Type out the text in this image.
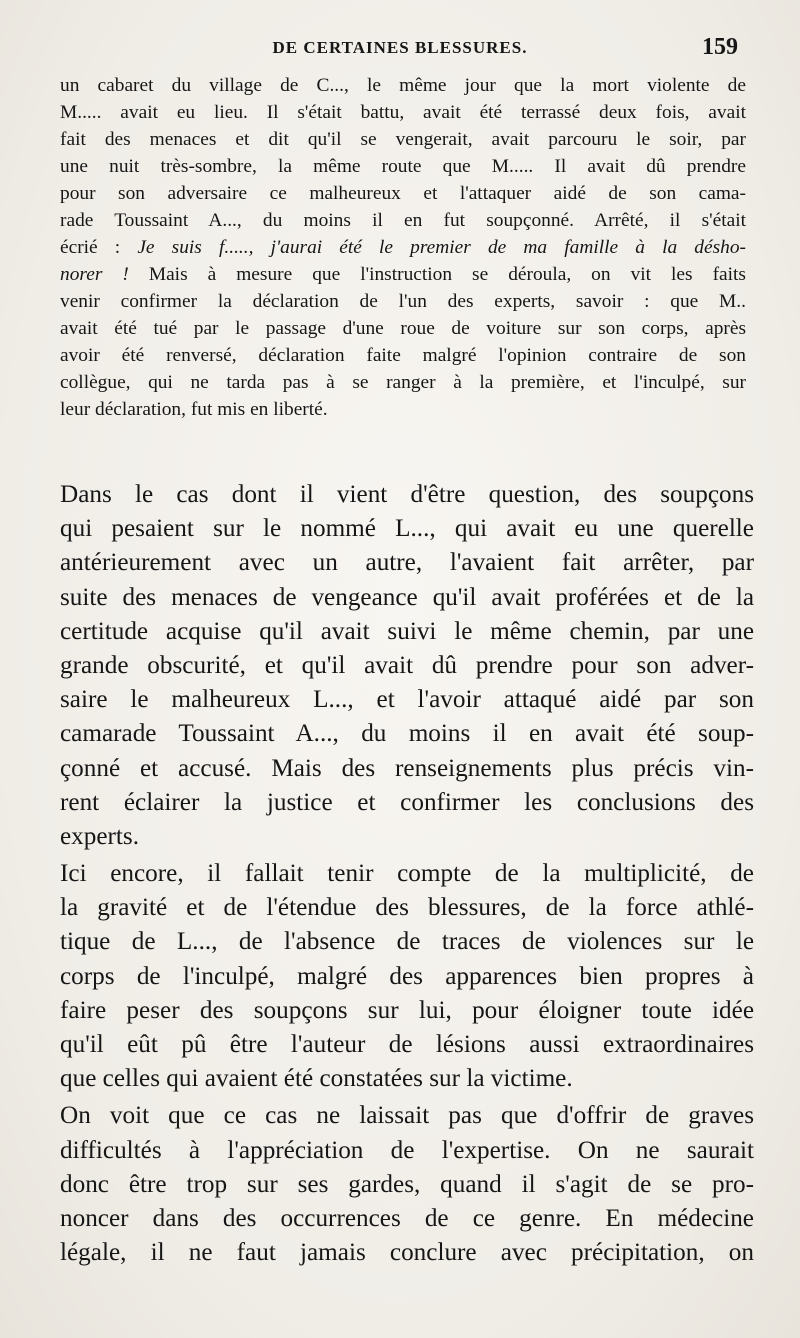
DE CERTAINES BLESSURES.	159
un cabaret du village de C..., le même jour que la mort violente de
M..... avait eu lieu. Il s'était battu, avait été terrassé deux fois, avait
fait des menaces et dit qu'il se vengerait, avait parcouru le soir, par
une nuit très-sombre, la même route que M..... Il avait dû prendre
pour son adversaire ce malheureux et l'attaquer aidé de son cama-
rade Toussaint A..., du moins il en fut soupçonné. Arrêté, il s'était
écrié : Je suis f....., j'aurai été le premier de ma famille à la désho-
norer ! Mais à mesure que l'instruction se déroula, on vit les faits
venir confirmer la déclaration de l'un des experts, savoir : que M..
avait été tué par le passage d'une roue de voiture sur son corps, après
avoir été renversé, déclaration faite malgré l'opinion contraire de son
collègue, qui ne tarda pas à se ranger à la première, et l'inculpé, sur
leur déclaration, fut mis en liberté.
Dans le cas dont il vient d'être question, des soupçons
qui pesaient sur le nommé L..., qui avait eu une querelle
antérieurement avec un autre, l'avaient fait arrêter, par
suite des menaces de vengeance qu'il avait proférées et de la
certitude acquise qu'il avait suivi le même chemin, par une
grande obscurité, et qu'il avait dû prendre pour son adver-
saire le malheureux L..., et l'avoir attaqué aidé par son
camarade Toussaint A..., du moins il en avait été soup-
çonné et accusé. Mais des renseignements plus précis vin-
rent éclairer la justice et confirmer les conclusions des
experts.
Ici encore, il fallait tenir compte de la multiplicité, de
la gravité et de l'étendue des blessures, de la force athlé-
tique de L..., de l'absence de traces de violences sur le
corps de l'inculpé, malgré des apparences bien propres à
faire peser des soupçons sur lui, pour éloigner toute idée
qu'il eût pû être l'auteur de lésions aussi extraordinaires
que celles qui avaient été constatées sur la victime.
On voit que ce cas ne laissait pas que d'offrir de graves
difficultés à l'appréciation de l'expertise. On ne saurait
donc être trop sur ses gardes, quand il s'agit de se pro-
noncer dans des occurrences de ce genre. En médecine
légale, il ne faut jamais conclure avec précipitation, on
